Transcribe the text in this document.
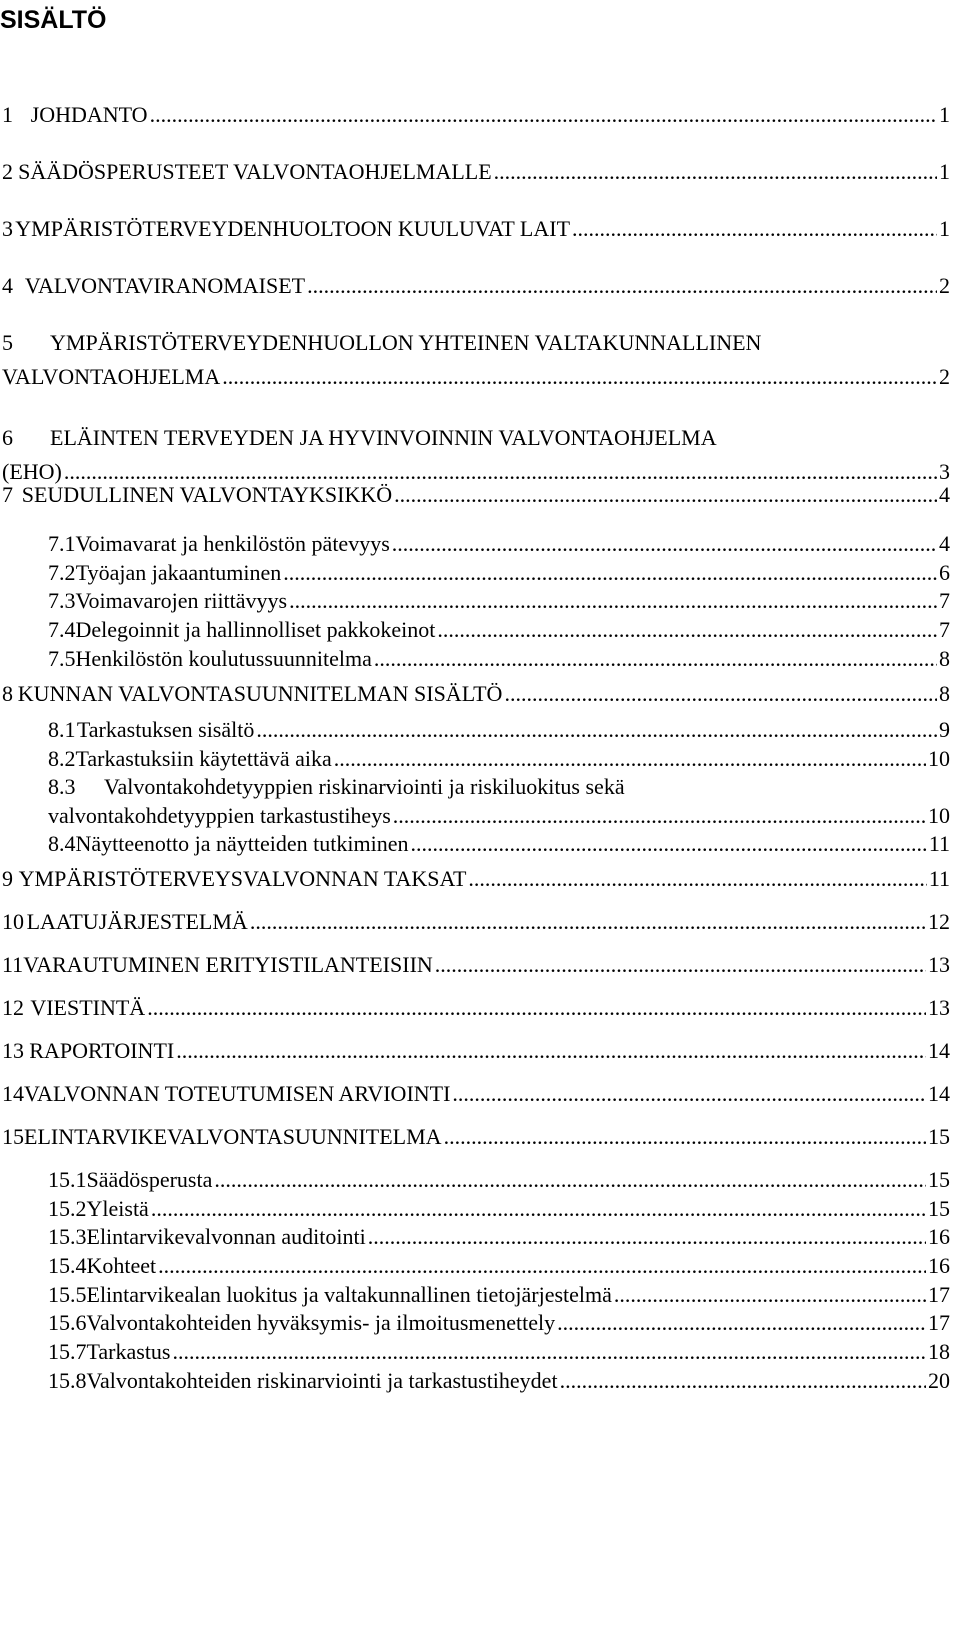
SISÄLTÖ
1 JOHDANTO .....	1
2 SÄÄDÖSPERUSTEET VALVONTAOHJELMALLE .....	1
3 YMPÄRISTÖTERVEYDENHUOLTOON KUULUVAT LAIT .....	1
4 VALVONTAVIRANOMAISET .....	2
5 YMPÄRISTÖTERVEYDENHUOLLON YHTEINEN VALTAKUNNALLINEN
VALVONTAOHJELMA .....	2
6 ELÄINTEN TERVEYDEN JA HYVINVOINNIN VALVONTAOHJELMA
(EHO) .....	3
7 SEUDULLINEN VALVONTAYKSIKKÖ .....	4
7.1 Voimavarat ja henkilöstön pätevyys .....	4
7.2 Työajan jakaantuminen .....	6
7.3 Voimavarojen riittävyys .....	7
7.4 Delegoinnit ja hallinnolliset pakkokeinot .....	7
7.5 Henkilöstön koulutussuunnitelma .....	8
8 KUNNAN VALVONTASUUNNITELMAN SISÄLTÖ .....	8
8.1 Tarkastuksen sisältö .....	9
8.2 Tarkastuksiin käytettävä aika .....	10
8.3 Valvontakohdetyyppien riskinarviointi ja riskiluokitus sekä
valvontakohdetyyppien tarkastustiheys .....	10
8.4 Näytteenotto ja näytteiden tutkiminen .....	11
9 YMPÄRISTÖTERVEYSVALVONNAN TAKSAT .....	11
10 LAATUJÄRJESTELMÄ .....	12
11 VARAUTUMINEN ERITYISTILANTEISIIN .....	13
12 VIESTINTÄ .....	13
13 RAPORTOINTI .....	14
14 VALVONNAN TOTEUTUMISEN ARVIOINTI .....	14
15 ELINTARVIKEVALVONTASUUNNITELMA .....	15
15.1 Säädösperusta .....	15
15.2 Yleistä .....	15
15.3 Elintarvikevalvonnan auditointi .....	16
15.4 Kohteet .....	16
15.5 Elintarvikealan luokitus ja valtakunnallinen tietojärjestelmä .....	17
15.6 Valvontakohteiden hyväksymis- ja ilmoitusmenettely .....	17
15.7 Tarkastus .....	18
15.8 Valvontakohteiden riskinarviointi ja tarkastustiheydet .....	20
